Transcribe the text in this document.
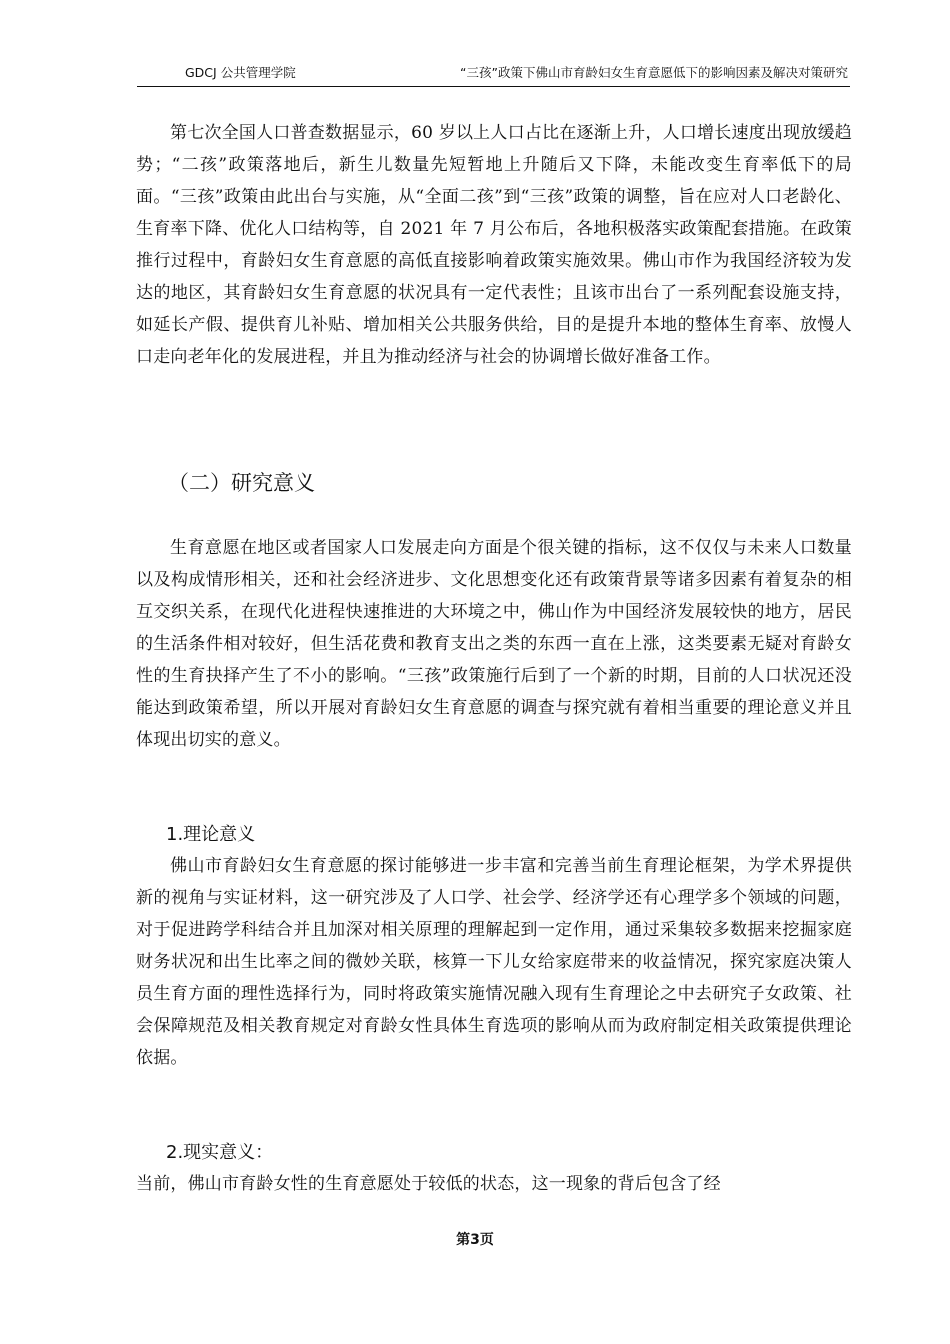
GDCJ 公共管理学院	“三孩”政策下佛山市育龄妇女生育意愿低下的影响因素及解决对策研究

第七次全国人口普查数据显示，60 岁以上人口占比在逐渐上升，人口增长速度出现放缓趋势；“二孩”政策落地后，新生儿数量先短暂地上升随后又下降，未能改变生育率低下的局面。“三孩”政策由此出台与实施，从“全面二孩”到“三孩”政策的调整，旨在应对人口老龄化、生育率下降、优化人口结构等，自 2021 年 7 月公布后，各地积极落实政策配套措施。在政策推行过程中，育龄妇女生育意愿的高低直接影响着政策实施效果。佛山市作为我国经济较为发达的地区，其育龄妇女生育意愿的状况具有一定代表性；且该市出台了一系列配套设施支持，如延长产假、提供育儿补贴、增加相关公共服务供给，目的是提升本地的整体生育率、放慢人口走向老年化的发展进程，并且为推动经济与社会的协调增长做好准备工作。

（二）研究意义

生育意愿在地区或者国家人口发展走向方面是个很关键的指标，这不仅仅与未来人口数量以及构成情形相关，还和社会经济进步、文化思想变化还有政策背景等诸多因素有着复杂的相互交织关系，在现代化进程快速推进的大环境之中，佛山作为中国经济发展较快的地方，居民的生活条件相对较好，但生活花费和教育支出之类的东西一直在上涨，这类要素无疑对育龄女性的生育抉择产生了不小的影响。“三孩”政策施行后到了一个新的时期，目前的人口状况还没能达到政策希望，所以开展对育龄妇女生育意愿的调查与探究就有着相当重要的理论意义并且体现出切实的意义。

1.理论意义

佛山市育龄妇女生育意愿的探讨能够进一步丰富和完善当前生育理论框架，为学术界提供新的视角与实证材料，这一研究涉及了人口学、社会学、经济学还有心理学多个领域的问题，对于促进跨学科结合并且加深对相关原理的理解起到一定作用，通过采集较多数据来挖掘家庭财务状况和出生比率之间的微妙关联，核算一下儿女给家庭带来的收益情况，探究家庭决策人员生育方面的理性选择行为，同时将政策实施情况融入现有生育理论之中去研究子女政策、社会保障规范及相关教育规定对育龄女性具体生育选项的影响从而为政府制定相关政策提供理论依据。

2.现实意义：

当前，佛山市育龄女性的生育意愿处于较低的状态，这一现象的背后包含了经

第3页
